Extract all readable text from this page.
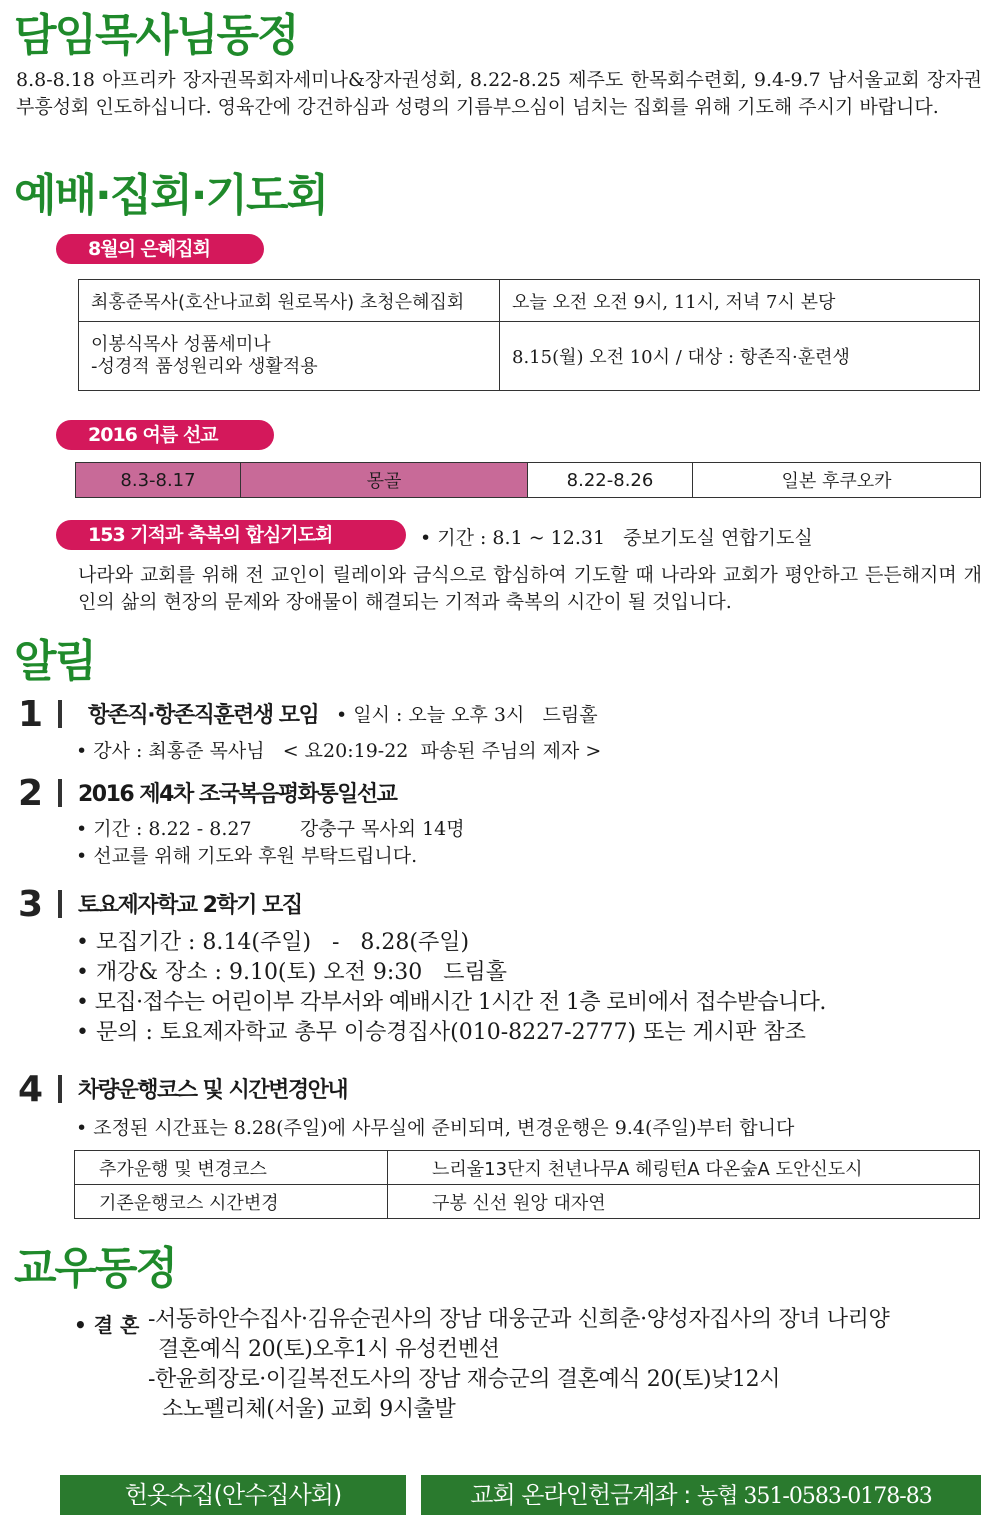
담임목사님동정
8.8-8.18 아프리카 장자권목회자세미나&장자권성회, 8.22-8.25 제주도 한목회수련회, 9.4-9.7 남서울교회 장자권부흥성회 인도하십니다. 영육간에 강건하심과 성령의 기름부으심이 넘치는 집회를 위해 기도해 주시기 바랍니다.
예배·집회·기도회
8월의 은혜집회
최홍준목사(호산나교회 원로목사) 초청은혜집회	오늘 오전 오전 9시, 11시, 저녁 7시 본당

이봉식목사 성품세미나
-성경적 품성원리와 생활적용	8.15(월) 오전 10시 / 대상 : 항존직·훈련생
2016 여름 선교
8.3-8.17	몽골	8.22-8.26	일본 후쿠오카
153 기적과 축복의 합심기도회	• 기간 : 8.1 ~ 12.31   중보기도실 연합기도실
나라와 교회를 위해 전 교인이 릴레이와 금식으로 합심하여 기도할 때 나라와 교회가 평안하고 든든해지며 개인의 삶의 현장의 문제와 장애물이 해결되는 기적과 축복의 시간이 될 것입니다.
알림
1 항존직·항존직훈련생 모임 • 일시 : 오늘 오후 3시   드림홀
• 강사 : 최홍준 목사님   < 요20:19-22  파송된 주님의 제자 >
2 2016 제4차 조국복음평화통일선교
• 기간 : 8.22 - 8.27        강충구 목사외 14명
• 선교를 위해 기도와 후원 부탁드립니다.
3 토요제자학교 2학기 모집
• 모집기간 : 8.14(주일)   -   8.28(주일)
• 개강& 장소 : 9.10(토) 오전 9:30   드림홀
• 모집·접수는 어린이부 각부서와 예배시간 1시간 전 1층 로비에서 접수받습니다.
• 문의 : 토요제자학교 총무 이승경집사(010-8227-2777) 또는 게시판 참조
4 차량운행코스 및 시간변경안내
• 조정된 시간표는 8.28(주일)에 사무실에 준비되며, 변경운행은 9.4(주일)부터 합니다
추가운행 및 변경코스	느리울13단지 천년나무A 헤링턴A 다온숲A 도안신도시
기존운행코스 시간변경	구봉 신선 원앙 대자연
교우동정
• 결 혼 -서동하안수집사·김유순권사의 장남 대웅군과 신희춘·양성자집사의 장녀 나리양
결혼예식 20(토)오후1시 유성컨벤션
-한윤희장로·이길복전도사의 장남 재승군의 결혼예식 20(토)낮12시
소노펠리체(서울) 교회 9시출발
헌옷수집(안수집사회)	교회 온라인헌금계좌 : 농협 351-0583-0178-83
